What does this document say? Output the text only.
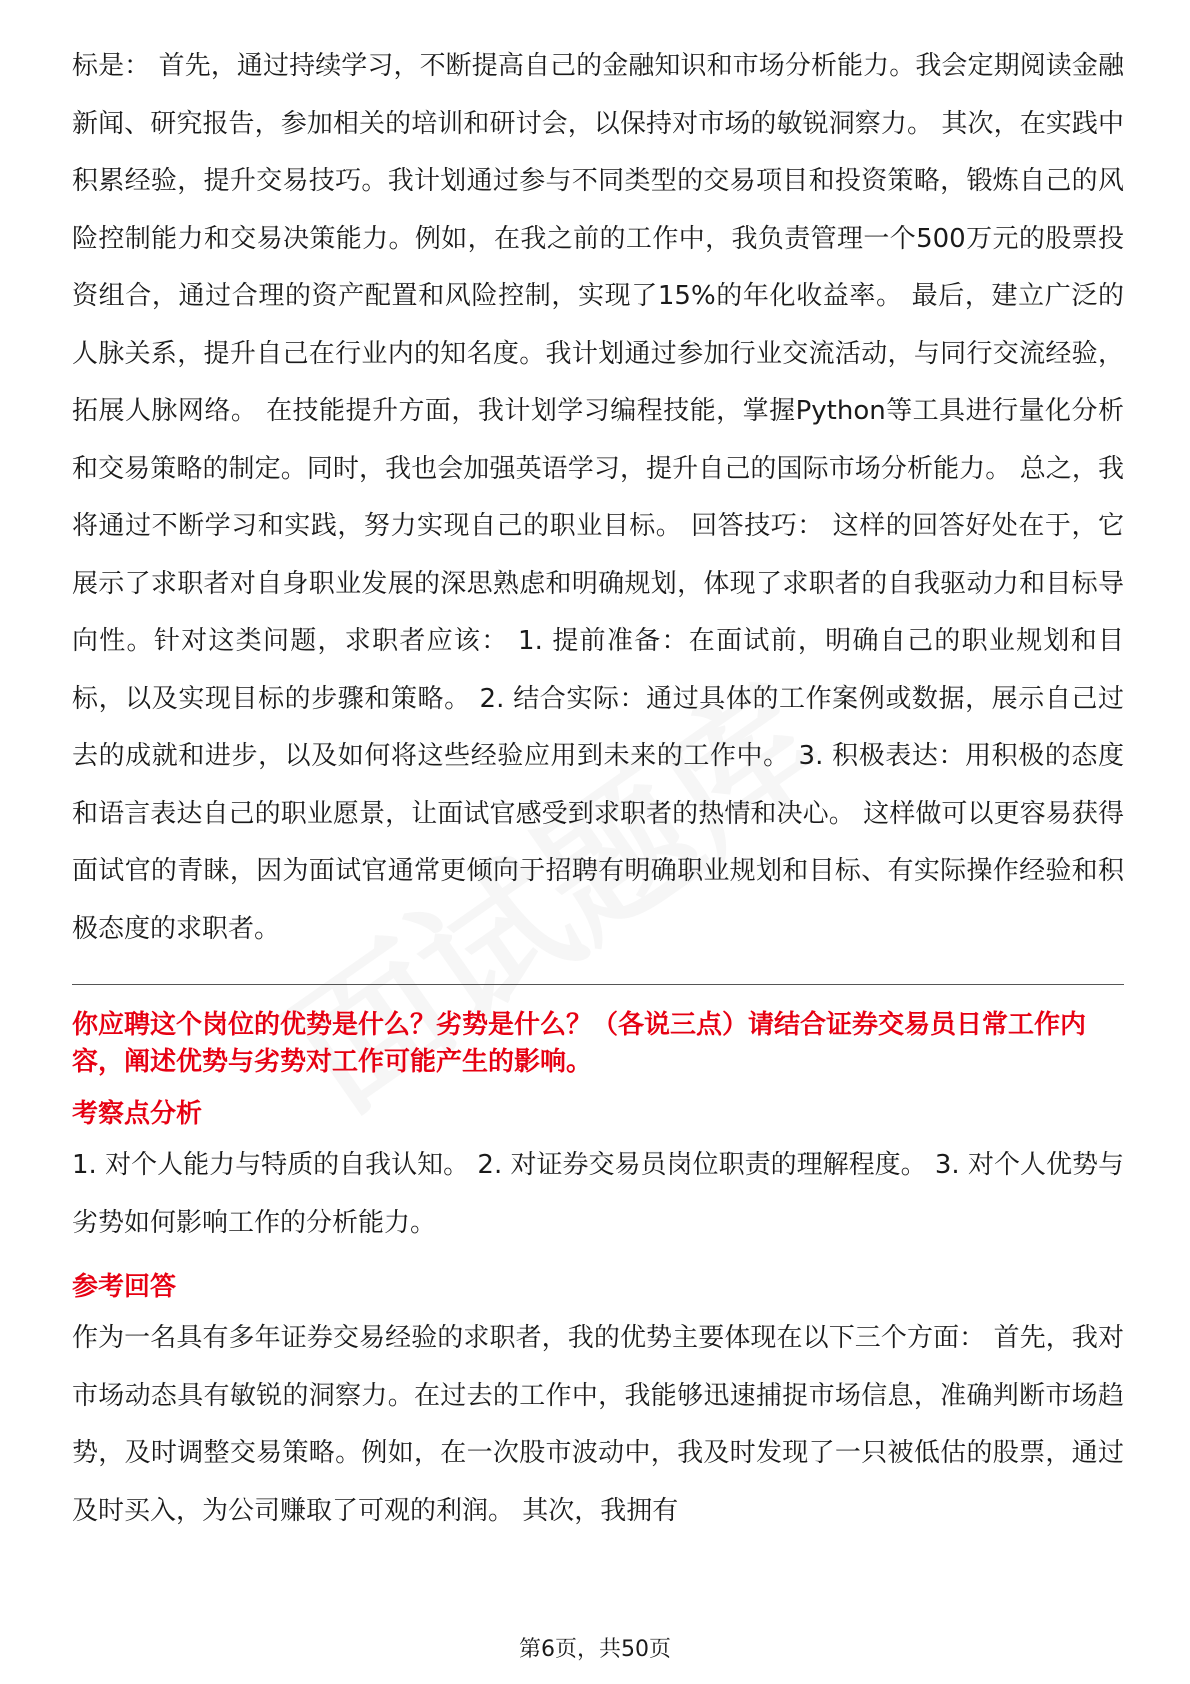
标是： 首先，通过持续学习，不断提高自己的金融知识和市场分析能力。我会定期阅读金融新闻、研究报告，参加相关的培训和研讨会，以保持对市场的敏锐洞察力。 其次，在实践中积累经验，提升交易技巧。我计划通过参与不同类型的交易项目和投资策略，锻炼自己的风险控制能力和交易决策能力。例如，在我之前的工作中，我负责管理一个500万元的股票投资组合，通过合理的资产配置和风险控制，实现了15%的年化收益率。 最后，建立广泛的人脉关系，提升自己在行业内的知名度。我计划通过参加行业交流活动，与同行交流经验，拓展人脉网络。 在技能提升方面，我计划学习编程技能，掌握Python等工具进行量化分析和交易策略的制定。同时，我也会加强英语学习，提升自己的国际市场分析能力。 总之，我将通过不断学习和实践，努力实现自己的职业目标。 回答技巧： 这样的回答好处在于，它展示了求职者对自身职业发展的深思熟虑和明确规划，体现了求职者的自我驱动力和目标导向性。针对这类问题，求职者应该： 1. 提前准备：在面试前，明确自己的职业规划和目标，以及实现目标的步骤和策略。 2. 结合实际：通过具体的工作案例或数据，展示自己过去的成就和进步，以及如何将这些经验应用到未来的工作中。 3. 积极表达：用积极的态度和语言表达自己的职业愿景，让面试官感受到求职者的热情和决心。 这样做可以更容易获得面试官的青睐，因为面试官通常更倾向于招聘有明确职业规划和目标、有实际操作经验和积极态度的求职者。

你应聘这个岗位的优势是什么？劣势是什么？（各说三点）请结合证券交易员日常工作内容，阐述优势与劣势对工作可能产生的影响。

考察点分析

1. 对个人能力与特质的自我认知。 2. 对证券交易员岗位职责的理解程度。 3. 对个人优势与劣势如何影响工作的分析能力。

参考回答

作为一名具有多年证券交易经验的求职者，我的优势主要体现在以下三个方面： 首先，我对市场动态具有敏锐的洞察力。在过去的工作中，我能够迅速捕捉市场信息，准确判断市场趋势，及时调整交易策略。例如，在一次股市波动中，我及时发现了一只被低估的股票，通过及时买入，为公司赚取了可观的利润。 其次，我拥有

第6页，共50页
